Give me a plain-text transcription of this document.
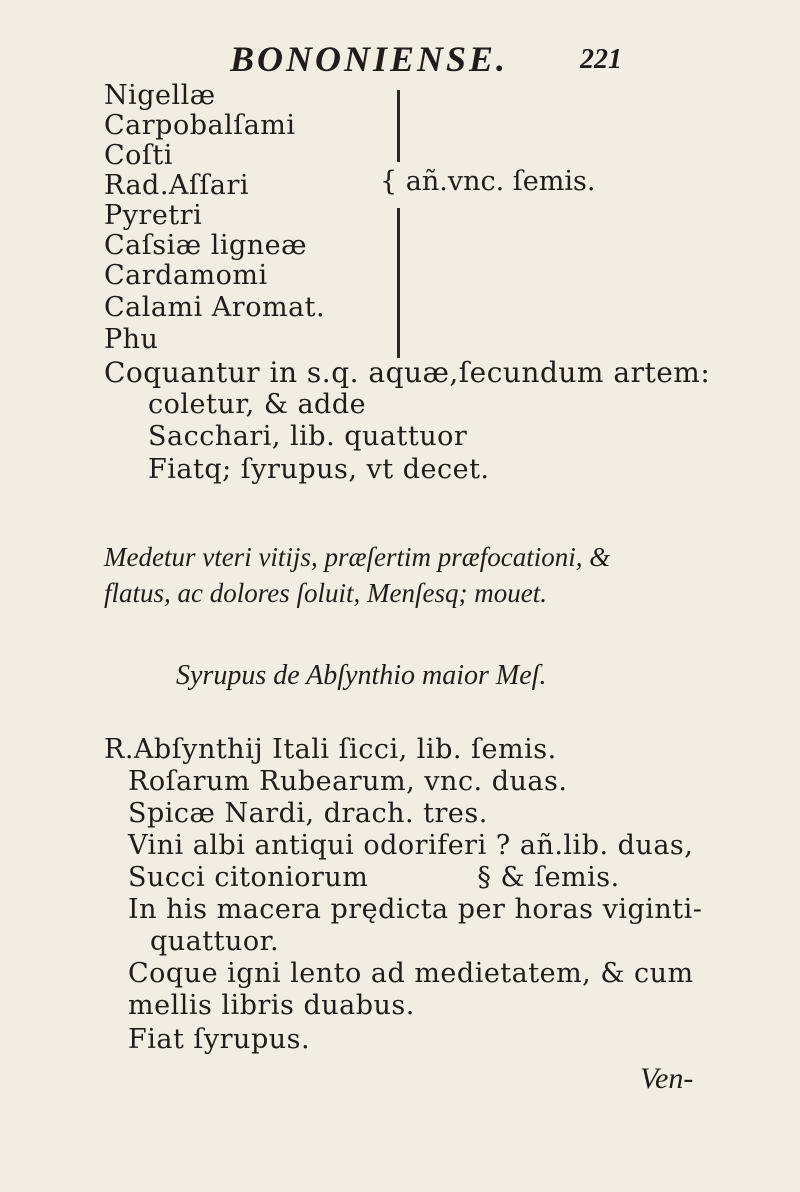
BONONIENSE.	221
Nigellæ
Carpobalſami
Coſti
Rad.Aſſari
Pyretri
Caſsiæ ligneæ
Cardamomi
Calami Aromat.
Phu
{ añ.vnc. ſemis.
Coquantur in s.q. aquæ,ſecundum artem:
coletur, & adde
Sacchari, lib. quattuor
Fiatq; ſyrupus, vt decet.
Medetur vteri vitijs, præſertim præfocationi, &
flatus, ac dolores ſoluit, Menſesq; mouet.
Syrupus de Abſynthio maior Meſ.
R.Abſynthij Itali ſicci, lib. ſemis.
Roſarum Rubearum, vnc. duas.
Spicæ Nardi, drach. tres.
Vini albi antiqui odoriferi ? añ.lib. duas,
Succi citoniorum            § & ſemis.
In his macera prędicta per horas viginti-
quattuor.
Coque igni lento ad medietatem, & cum
mellis libris duabus.
Fiat ſyrupus.
Ven-
